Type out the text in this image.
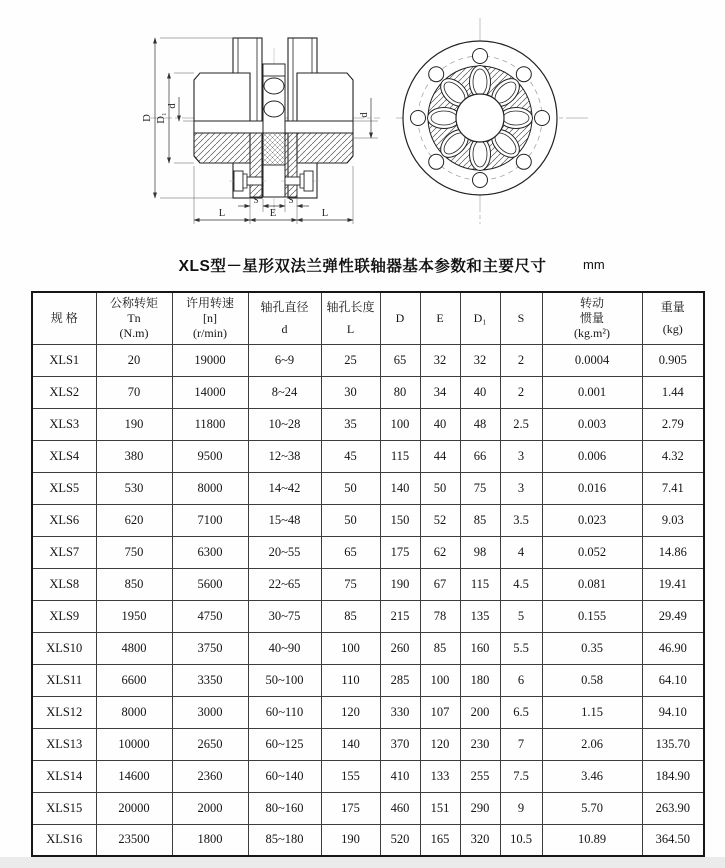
D D₁
d
d
S	S
L	E	L
XLS型－星形双法兰弹性联轴器基本参数和主要尺寸	mm
规 格

公称转矩
Tn
(N.m)

许用转速
[n]
(r/min)

轴孔直径
d

轴孔长度
L

D	E	D₁	S

转动
惯量
(kg.m²)

重量
(kg)

XLS1	20	19000	6~9	25	65	32	32	2	0.0004	0.905
XLS2	70	14000	8~24	30	80	34	40	2	0.001	1.44
XLS3	190	11800	10~28	35	100	40	48	2.5	0.003	2.79
XLS4	380	9500	12~38	45	115	44	66	3	0.006	4.32
XLS5	530	8000	14~42	50	140	50	75	3	0.016	7.41
XLS6	620	7100	15~48	50	150	52	85	3.5	0.023	9.03
XLS7	750	6300	20~55	65	175	62	98	4	0.052	14.86
XLS8	850	5600	22~65	75	190	67	115	4.5	0.081	19.41
XLS9	1950	4750	30~75	85	215	78	135	5	0.155	29.49
XLS10	4800	3750	40~90	100	260	85	160	5.5	0.35	46.90
XLS11	6600	3350	50~100	110	285	100	180	6	0.58	64.10
XLS12	8000	3000	60~110	120	330	107	200	6.5	1.15	94.10
XLS13	10000	2650	60~125	140	370	120	230	7	2.06	135.70
XLS14	14600	2360	60~140	155	410	133	255	7.5	3.46	184.90
XLS15	20000	2000	80~160	175	460	151	290	9	5.70	263.90
XLS16	23500	1800	85~180	190	520	165	320	10.5	10.89	364.50
